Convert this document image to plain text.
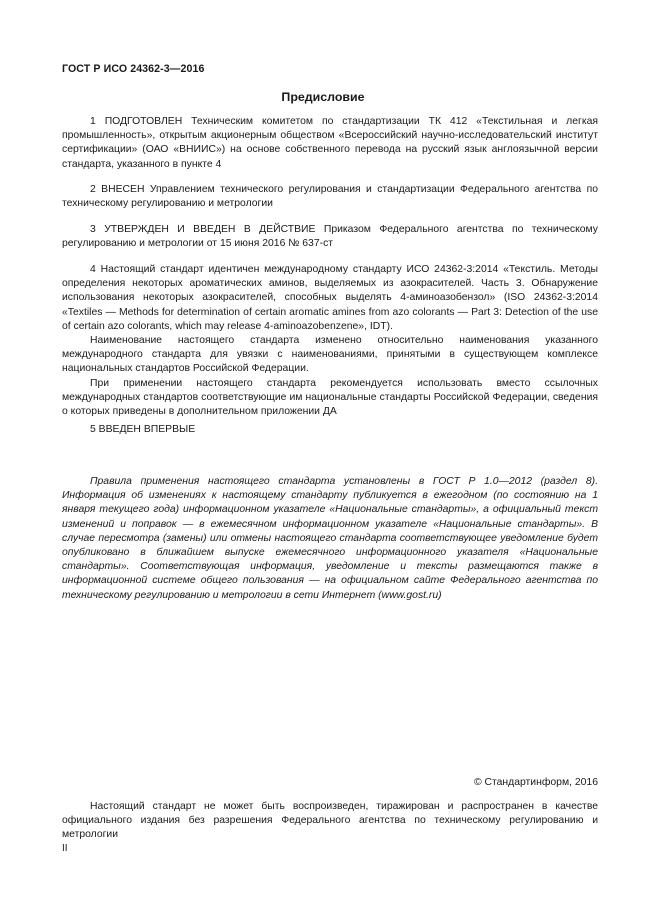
ГОСТ Р ИСО 24362-3—2016
Предисловие

1 ПОДГОТОВЛЕН Техническим комитетом по стандартизации ТК 412 «Текстильная и легкая промышленность», открытым акционерным обществом «Всероссийский научно-исследовательский институт сертификации» (ОАО «ВНИИС») на основе собственного перевода на русский язык англоязычной версии стандарта, указанного в пункте 4

2 ВНЕСЕН Управлением технического регулирования и стандартизации Федерального агентства по техническому регулированию и метрологии

3 УТВЕРЖДЕН И ВВЕДЕН В ДЕЙСТВИЕ Приказом Федерального агентства по техническому регулированию и метрологии от 15 июня 2016 № 637-ст

4 Настоящий стандарт идентичен международному стандарту ИСО 24362-3:2014 «Текстиль. Методы определения некоторых ароматических аминов, выделяемых из азокрасителей. Часть 3. Обнаружение использования некоторых азокрасителей, способных выделять 4-аминоазобензол» (ISO 24362-3:2014 «Textiles — Methods for determination of certain aromatic amines from azo colorants — Part 3: Detection of the use of certain azo colorants, which may release 4-aminoazobenzene», IDT).

Наименование настоящего стандарта изменено относительно наименования указанного международного стандарта для увязки с наименованиями, принятыми в существующем комплексе национальных стандартов Российской Федерации.

При применении настоящего стандарта рекомендуется использовать вместо ссылочных международных стандартов соответствующие им национальные стандарты Российской Федерации, сведения о которых приведены в дополнительном приложении ДА

5 ВВЕДЕН ВПЕРВЫЕ

Правила применения настоящего стандарта установлены в ГОСТ Р 1.0—2012 (раздел 8). Информация об изменениях к настоящему стандарту публикуется в ежегодном (по состоянию на 1 января текущего года) информационном указателе «Национальные стандарты», а официальный текст изменений и поправок — в ежемесячном информационном указателе «Национальные стандарты». В случае пересмотра (замены) или отмены настоящего стандарта соответствующее уведомление будет опубликовано в ближайшем выпуске ежемесячного информационного указателя «Национальные стандарты». Соответствующая информация, уведомление и тексты размещаются также в информационной системе общего пользования — на официальном сайте Федерального агентства по техническому регулированию и метрологии в сети Интернет (www.gost.ru)

© Стандартинформ, 2016

Настоящий стандарт не может быть воспроизведен, тиражирован и распространен в качестве официального издания без разрешения Федерального агентства по техническому регулированию и метрологии

II
